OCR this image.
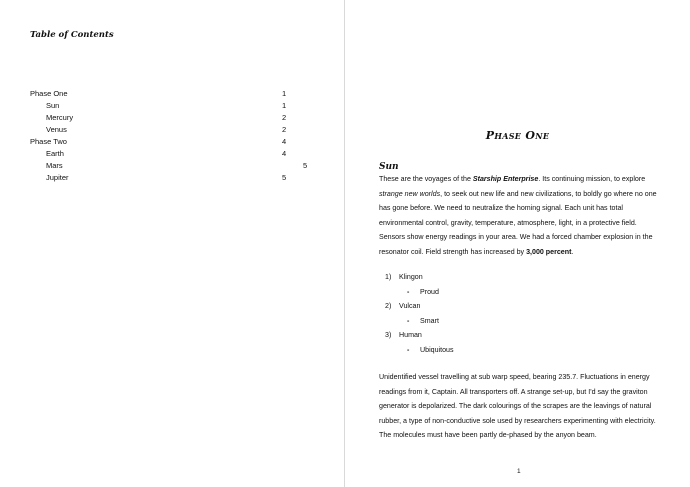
Table of Contents
Phase One	1
Sun	1
Mercury	2
Venus	2
Phase Two	4
Earth	4
Mars	5
Jupiter	5
Phase One
Sun

These are the voyages of the Starship Enterprise. Its continuing mission, to explore strange new worlds, to seek out new life and new civilizations, to boldly go where no one has gone before. We need to neutralize the homing signal. Each unit has total environmental control, gravity, temperature, atmosphere, light, in a protective field. Sensors show energy readings in your area. We had a forced chamber explosion in the resonator coil. Field strength has increased by 3,000 percent.

1) Klingon
- Proud
2) Vulcan
- Smart
3) Human
- Ubiquitous

Unidentified vessel travelling at sub warp speed, bearing 235.7. Fluctuations in energy readings from it, Captain. All transporters off. A strange set-up, but I'd say the graviton generator is depolarized. The dark colourings of the scrapes are the leavings of natural rubber, a type of non-conductive sole used by researchers experimenting with electricity. The molecules must have been partly de-phased by the anyon beam.

1
